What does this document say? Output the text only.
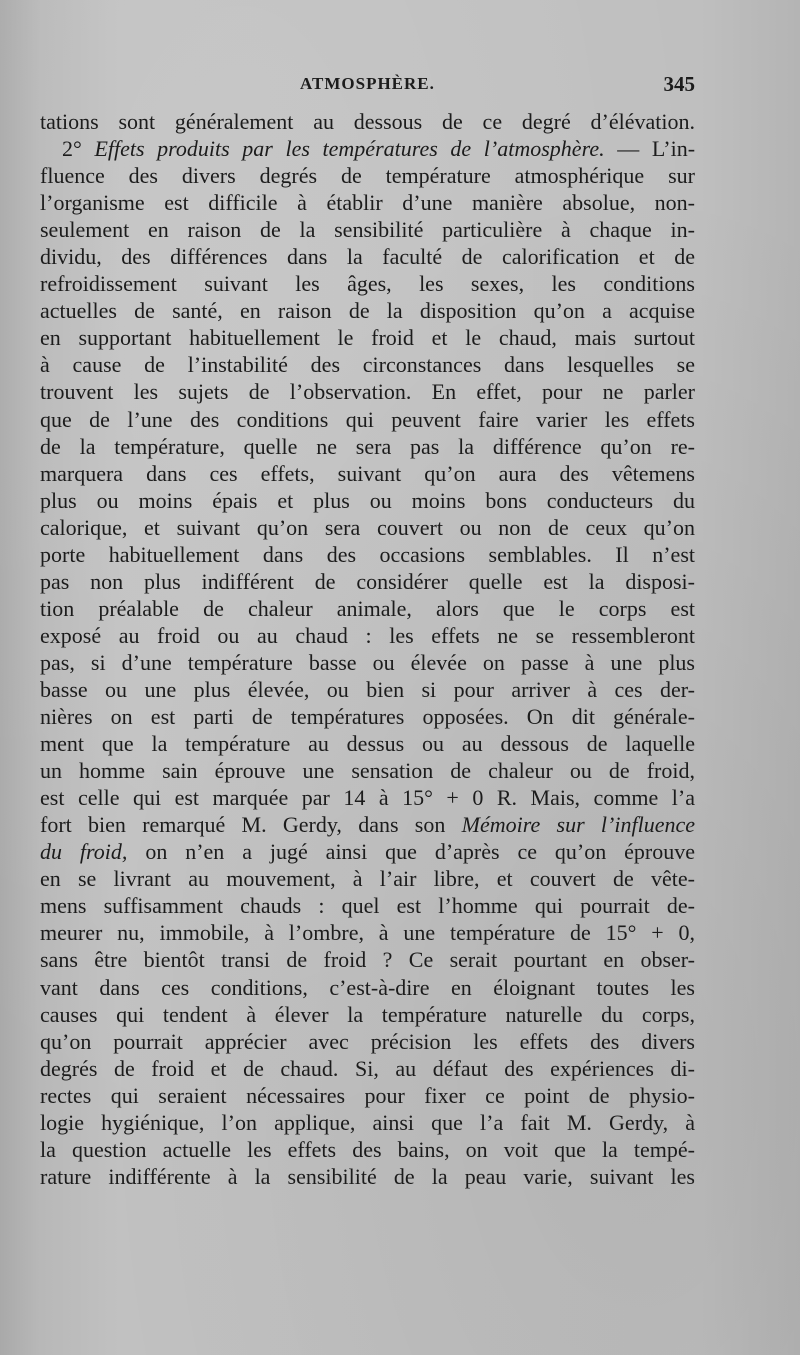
ATMOSPHÈRE.	345
tations sont généralement au dessous de ce degré d’élévation.
2° Effets produits par les températures de l’atmosphère. — L’in-
fluence des divers degrés de température atmosphérique sur
l’organisme est difficile à établir d’une manière absolue, non-
seulement en raison de la sensibilité particulière à chaque in-
dividu, des différences dans la faculté de calorification et de
refroidissement suivant les âges, les sexes, les conditions
actuelles de santé, en raison de la disposition qu’on a acquise
en supportant habituellement le froid et le chaud, mais surtout
à cause de l’instabilité des circonstances dans lesquelles se
trouvent les sujets de l’observation. En effet, pour ne parler
que de l’une des conditions qui peuvent faire varier les effets
de la température, quelle ne sera pas la différence qu’on re-
marquera dans ces effets, suivant qu’on aura des vêtemens
plus ou moins épais et plus ou moins bons conducteurs du
calorique, et suivant qu’on sera couvert ou non de ceux qu’on
porte habituellement dans des occasions semblables. Il n’est
pas non plus indifférent de considérer quelle est la disposi-
tion préalable de chaleur animale, alors que le corps est
exposé au froid ou au chaud : les effets ne se ressembleront
pas, si d’une température basse ou élevée on passe à une plus
basse ou une plus élevée, ou bien si pour arriver à ces der-
nières on est parti de températures opposées. On dit générale-
ment que la température au dessus ou au dessous de laquelle
un homme sain éprouve une sensation de chaleur ou de froid,
est celle qui est marquée par 14 à 15° + 0 R. Mais, comme l’a
fort bien remarqué M. Gerdy, dans son Mémoire sur l’influence
du froid, on n’en a jugé ainsi que d’après ce qu’on éprouve
en se livrant au mouvement, à l’air libre, et couvert de vête-
mens suffisamment chauds : quel est l’homme qui pourrait de-
meurer nu, immobile, à l’ombre, à une température de 15° + 0,
sans être bientôt transi de froid ? Ce serait pourtant en obser-
vant dans ces conditions, c’est-à-dire en éloignant toutes les
causes qui tendent à élever la température naturelle du corps,
qu’on pourrait apprécier avec précision les effets des divers
degrés de froid et de chaud. Si, au défaut des expériences di-
rectes qui seraient nécessaires pour fixer ce point de physio-
logie hygiénique, l’on applique, ainsi que l’a fait M. Gerdy, à
la question actuelle les effets des bains, on voit que la tempé-
rature indifférente à la sensibilité de la peau varie, suivant les
